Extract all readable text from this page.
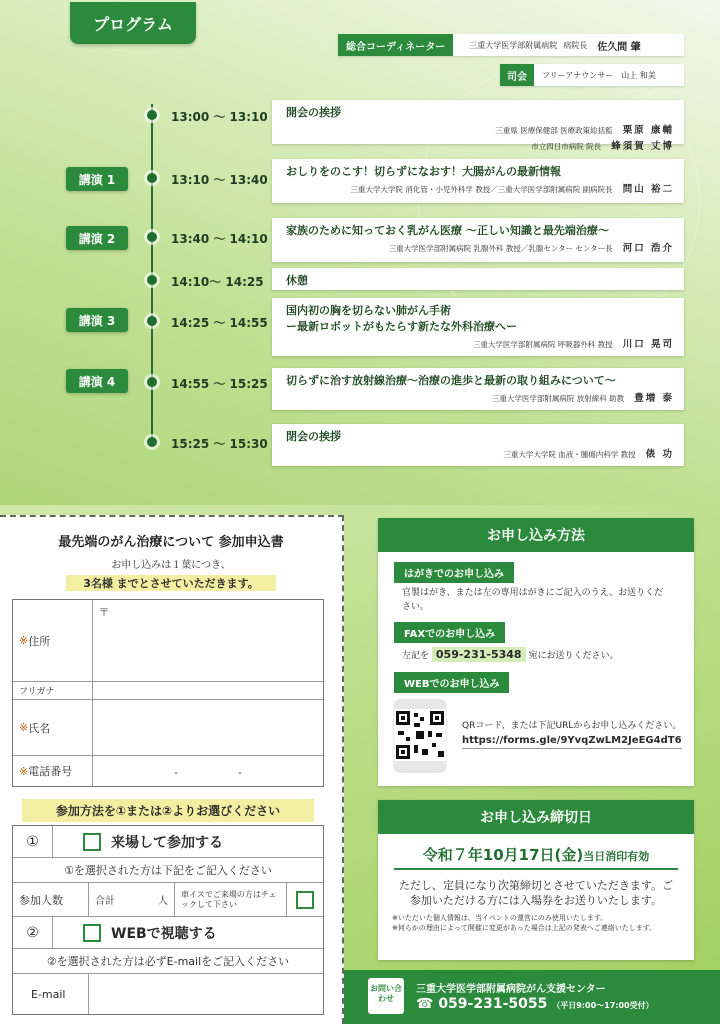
プログラム
総合コーディネーター	三重大学医学部附属病院 病院長 佐久間 肇
司会	フリーアナウンサー 山上 和美
13:00 ～ 13:10 開会の挨拶
三重県 医療保健部 医療政策総括監 栗原 康輔
市立四日市病院 院長 蜂須賀 丈博
講演 1	13:10 ～ 13:40
おしりをのこす！切らずになおす！大腸がんの最新情報
三重大学大学院 消化管・小児外科学 教授／三重大学医学部附属病院 副病院長 問山 裕二
講演 2	13:40 ～ 14:10
家族のために知っておく乳がん医療 ～正しい知識と最先端治療～
三重大学医学部附属病院 乳腺外科 教授／乳腺センター センター長 河口 浩介
14:10～ 14:25 休憩
講演 3	14:25 ～ 14:55
国内初の胸を切らない肺がん手術
ー最新ロボットがもたらす新たな外科治療へー
三重大学医学部附属病院 呼吸器外科 教授 川口 晃司
講演 4	14:55 ～ 15:25 切らずに治す放射線治療～治療の進歩と最新の取り組みについて～
三重大学医学部附属病院 放射線科 助教 豊増 泰
15:25 ～ 15:30
閉会の挨拶
三重大学大学院 血液・腫瘍内科学 教授 俵 功
最先端のがん治療について 参加申込書
お申し込みは１葉につき、
3名様 までとさせていただきます。
※ 住所
〒
フリガナ
※ 氏名
※ 電話番号	-　　　　　　-
参加方法を①または②よりお選びください
①	来場して参加する
①を選択された方は下記をご記入ください
参加人数	合計	人
車イスでご来場の方はチェックして下さい
②	WEBで視聴する
②を選択された方は必ずE-mailをご記入ください
E-mail
お申し込み方法
はがきでのお申し込み
官製はがき、または左の専用はがきにご記入のうえ、お送りください。
FAXでのお申し込み
左記を 059-231-5348 宛にお送りください。
WEBでのお申し込み
QRコード、または下記URLからお申し込みください。
https://forms.gle/9YvqZwLM2JeEG4dT6
お申し込み締切日
令和７年10月17日(金)当日消印有効
ただし、定員になり次第締切とさせていただきます。ご参加いただける方には入場券をお送りいたします。
※いただいた個人情報は、当イベントの運営にのみ使用いたします。
※何らかの理由によって開催に変更があった場合は上記の発表へご連絡いたします。
お問い合わせ
三重大学医学部附属病院がん支援センター
☎ 059-231-5055 （平日9:00～17:00受付）
